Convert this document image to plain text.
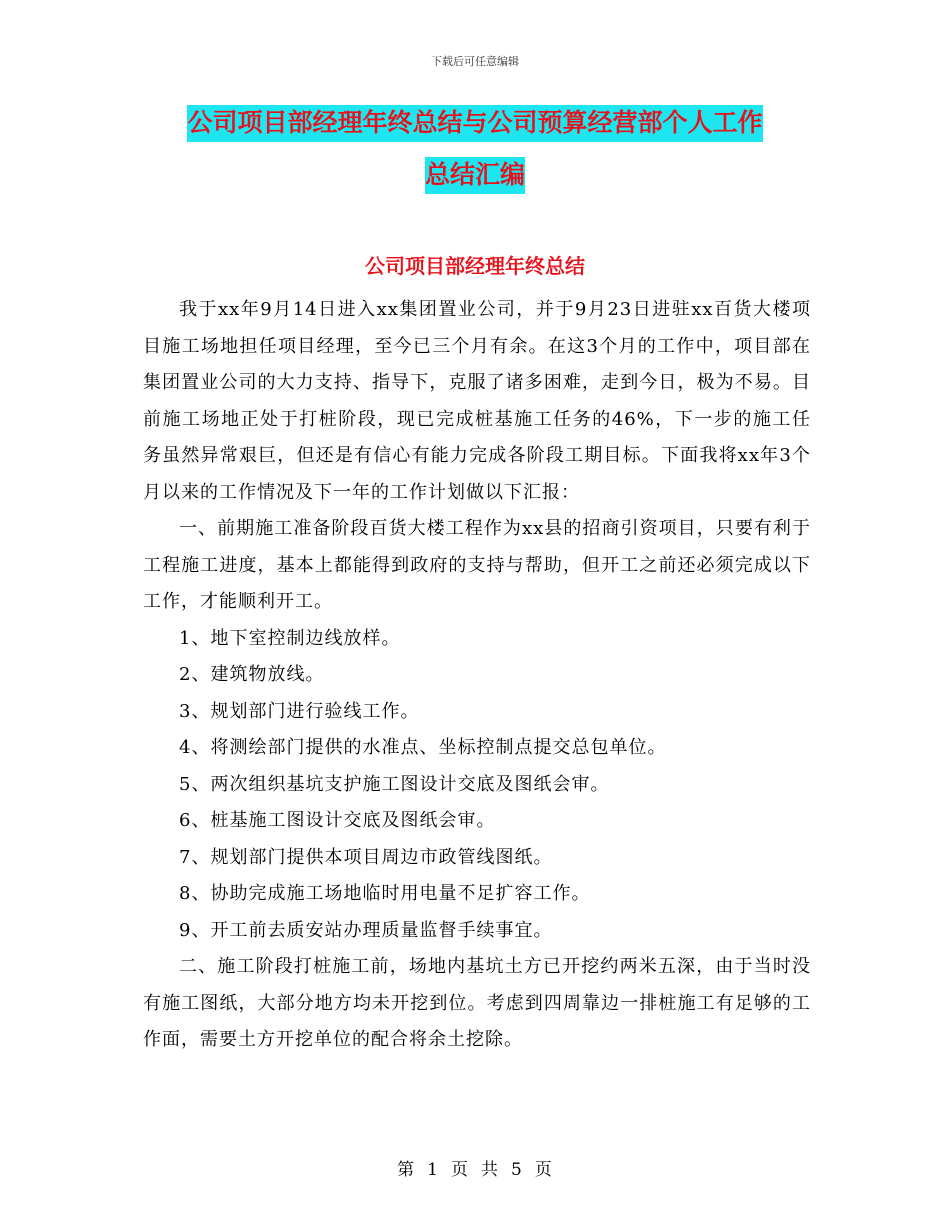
下载后可任意编辑
公司项目部经理年终总结与公司预算经营部个人工作
总结汇编
公司项目部经理年终总结

我于xx年9月14日进入xx集团置业公司，并于9月23日进驻xx百货大楼项目施工场地担任项目经理，至今已三个月有余。在这3个月的工作中，项目部在集团置业公司的大力支持、指导下，克服了诸多困难，走到今日，极为不易。目前施工场地正处于打桩阶段，现已完成桩基施工任务的46%，下一步的施工任务虽然异常艰巨，但还是有信心有能力完成各阶段工期目标。下面我将xx年3个月以来的工作情况及下一年的工作计划做以下汇报：

一、前期施工准备阶段百货大楼工程作为xx县的招商引资项目，只要有利于工程施工进度，基本上都能得到政府的支持与帮助，但开工之前还必须完成以下工作，才能顺利开工。

1、地下室控制边线放样。

2、建筑物放线。

3、规划部门进行验线工作。

4、将测绘部门提供的水准点、坐标控制点提交总包单位。

5、两次组织基坑支护施工图设计交底及图纸会审。

6、桩基施工图设计交底及图纸会审。

7、规划部门提供本项目周边市政管线图纸。

8、协助完成施工场地临时用电量不足扩容工作。

9、开工前去质安站办理质量监督手续事宜。

二、施工阶段打桩施工前，场地内基坑土方已开挖约两米五深，由于当时没有施工图纸，大部分地方均未开挖到位。考虑到四周靠边一排桩施工有足够的工作面，需要土方开挖单位的配合将余土挖除。

第 1 页 共 5 页
